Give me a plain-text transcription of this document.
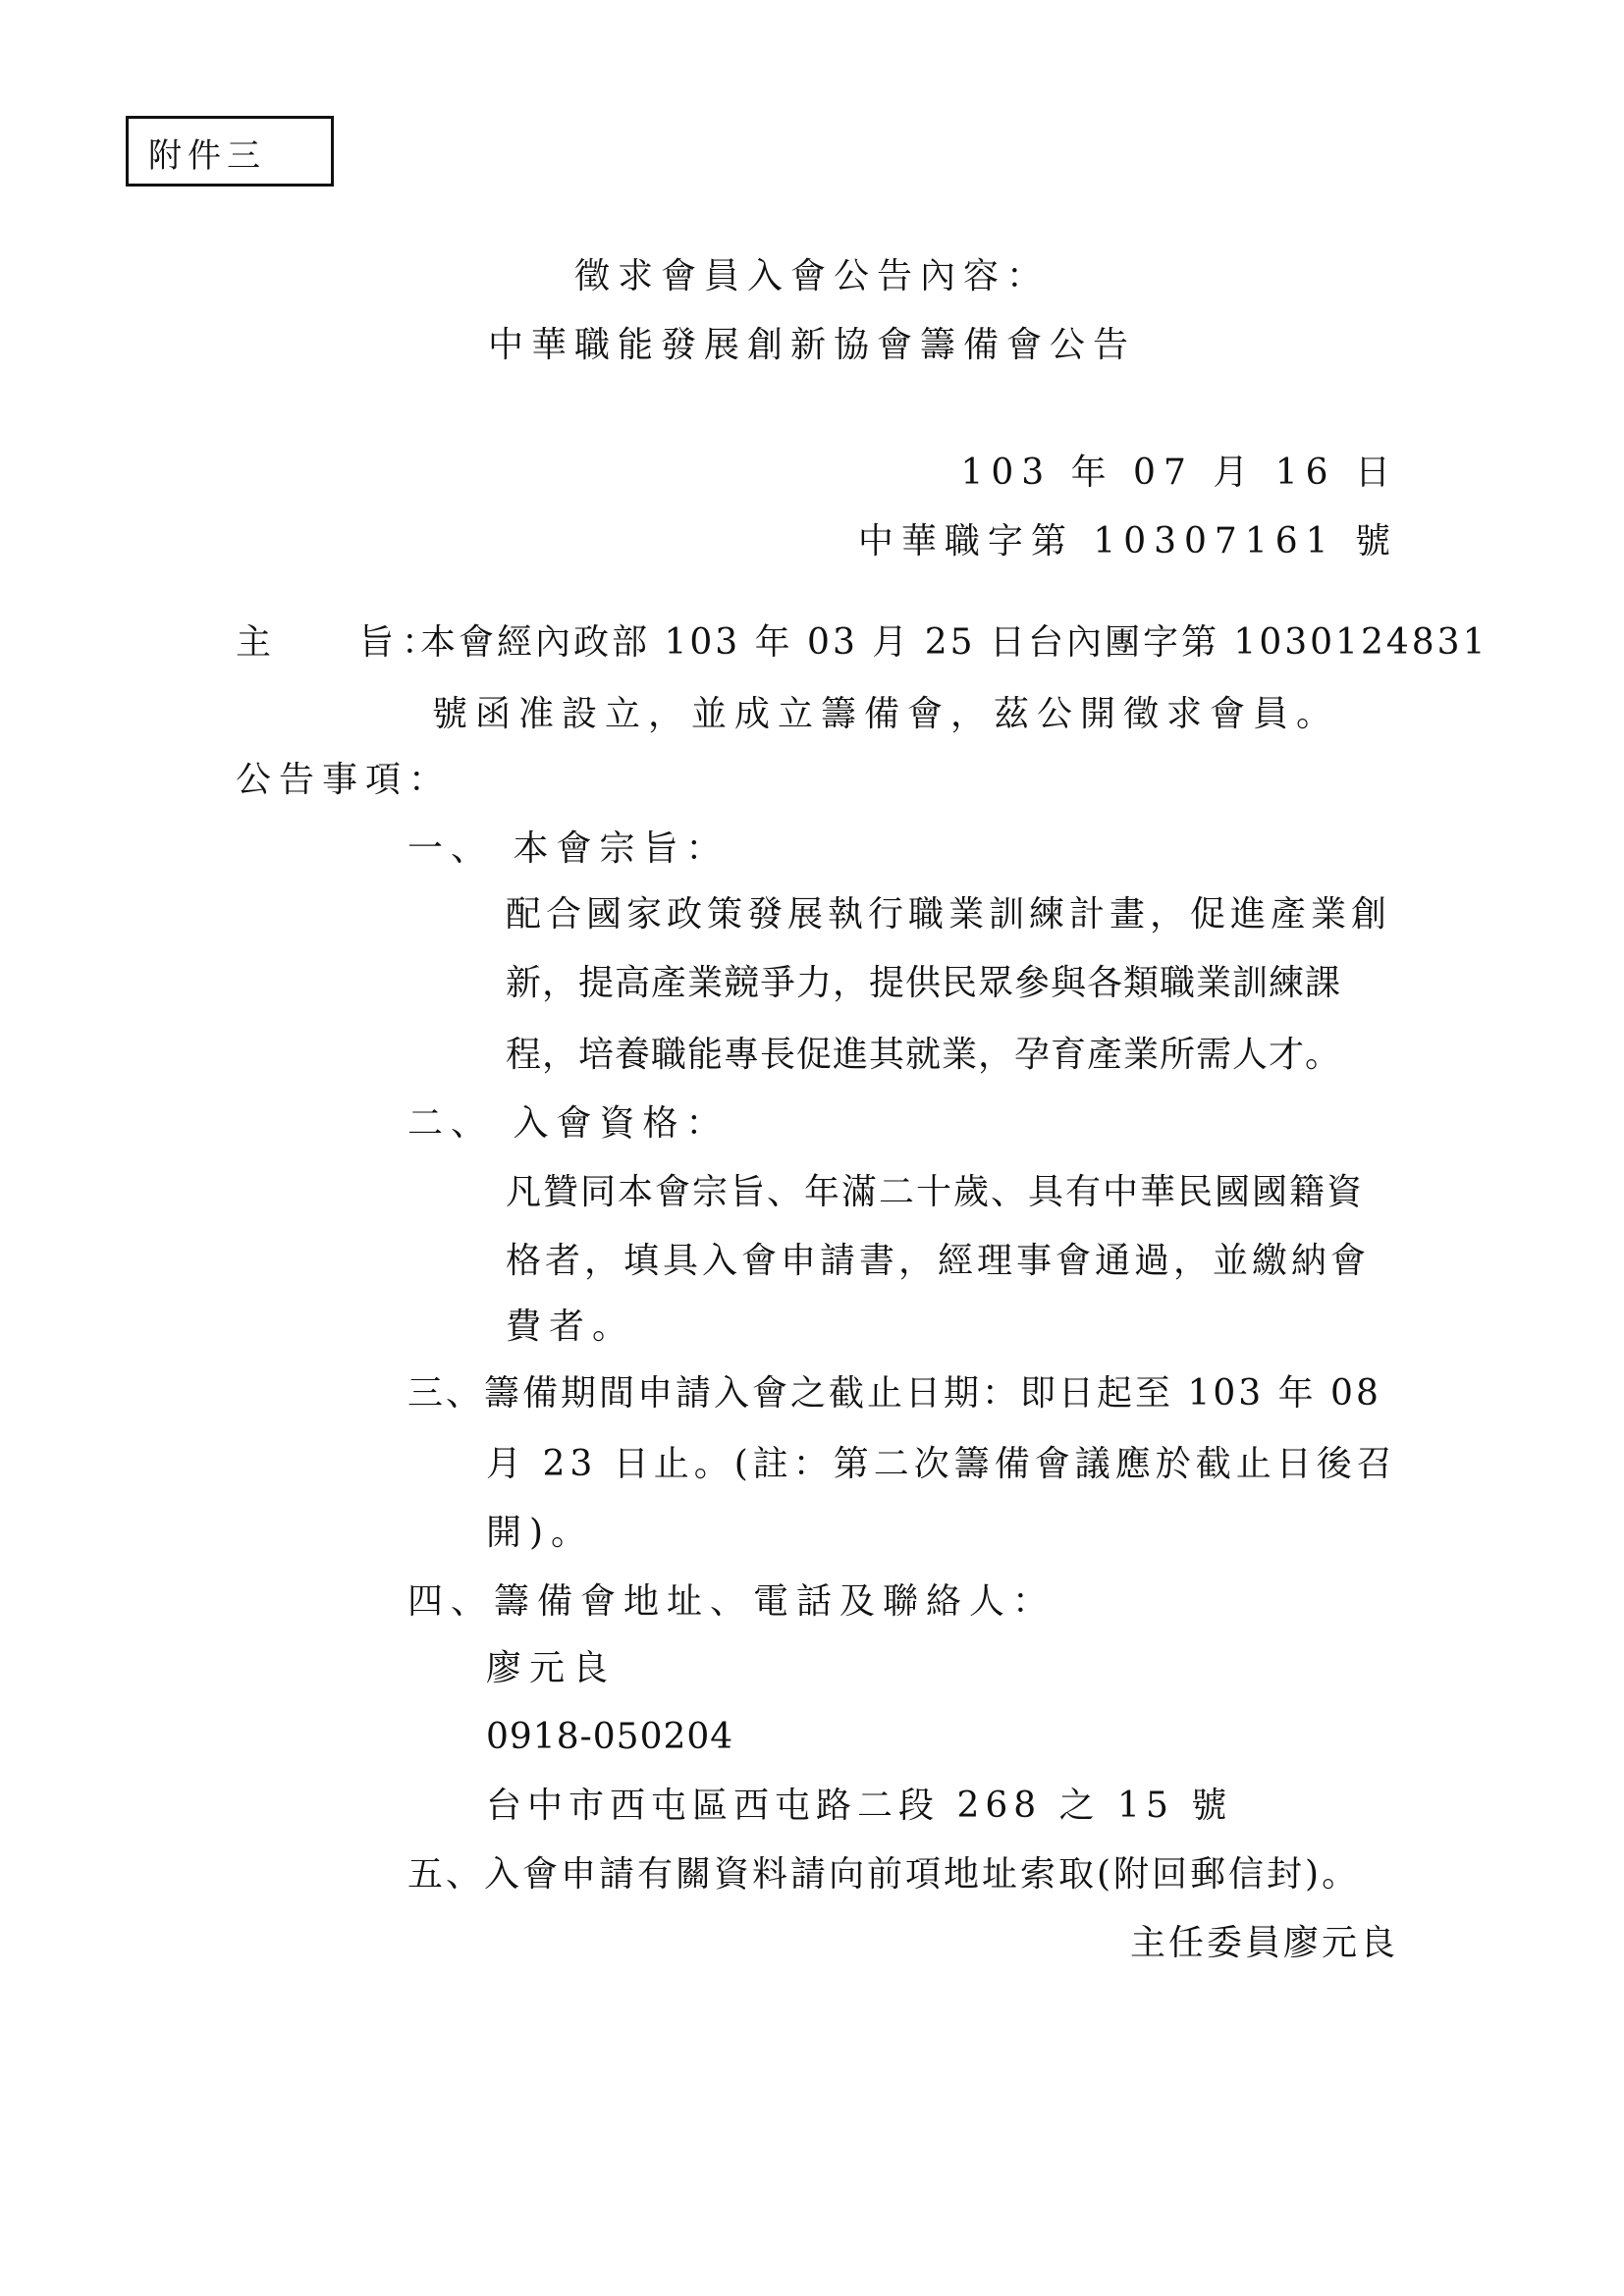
附件三
徵求會員入會公告內容：
中華職能發展創新協會籌備會公告
103 年 07 月 16 日
中華職字第 10307161 號
主 旨：
本會經內政部 103 年 03 月 25 日台內團字第 1030124831
號函准設立，並成立籌備會，茲公開徵求會員。
公告事項：
一、 本會宗旨：
配合國家政策發展執行職業訓練計畫，促進產業創
新，提高產業競爭力，提供民眾參與各類職業訓練課
程，培養職能專長促進其就業，孕育產業所需人才。
二、 入會資格：
凡贊同本會宗旨、年滿二十歲、具有中華民國國籍資
格者，填具入會申請書，經理事會通過，並繳納會
費者。
三、籌備期間申請入會之截止日期：即日起至 103 年 08
月 23 日止。(註：第二次籌備會議應於截止日後召
開)。
四、籌備會地址、電話及聯絡人：
廖元良
0918-050204
台中市西屯區西屯路二段 268 之 15 號
五、入會申請有關資料請向前項地址索取(附回郵信封)。
主任委員廖元良
